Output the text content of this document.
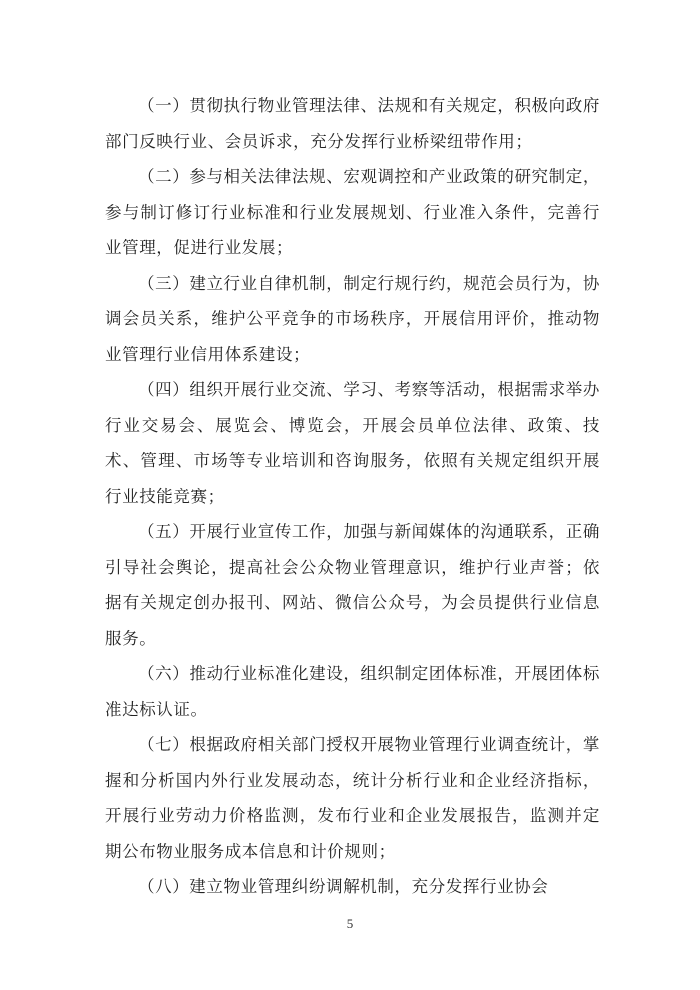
（一）贯彻执行物业管理法律、法规和有关规定，积极向政府部门反映行业、会员诉求，充分发挥行业桥梁纽带作用；

（二）参与相关法律法规、宏观调控和产业政策的研究制定，参与制订修订行业标准和行业发展规划、行业准入条件，完善行业管理，促进行业发展；

（三）建立行业自律机制，制定行规行约，规范会员行为，协调会员关系，维护公平竞争的市场秩序，开展信用评价，推动物业管理行业信用体系建设；

（四）组织开展行业交流、学习、考察等活动，根据需求举办行业交易会、展览会、博览会，开展会员单位法律、政策、技术、管理、市场等专业培训和咨询服务，依照有关规定组织开展行业技能竞赛；

（五）开展行业宣传工作，加强与新闻媒体的沟通联系，正确引导社会舆论，提高社会公众物业管理意识，维护行业声誉；依据有关规定创办报刊、网站、微信公众号，为会员提供行业信息服务。

（六）推动行业标准化建设，组织制定团体标准，开展团体标准达标认证。

（七）根据政府相关部门授权开展物业管理行业调查统计，掌握和分析国内外行业发展动态，统计分析行业和企业经济指标，开展行业劳动力价格监测，发布行业和企业发展报告，监测并定期公布物业服务成本信息和计价规则；

（八）建立物业管理纠纷调解机制，充分发挥行业协会

5
